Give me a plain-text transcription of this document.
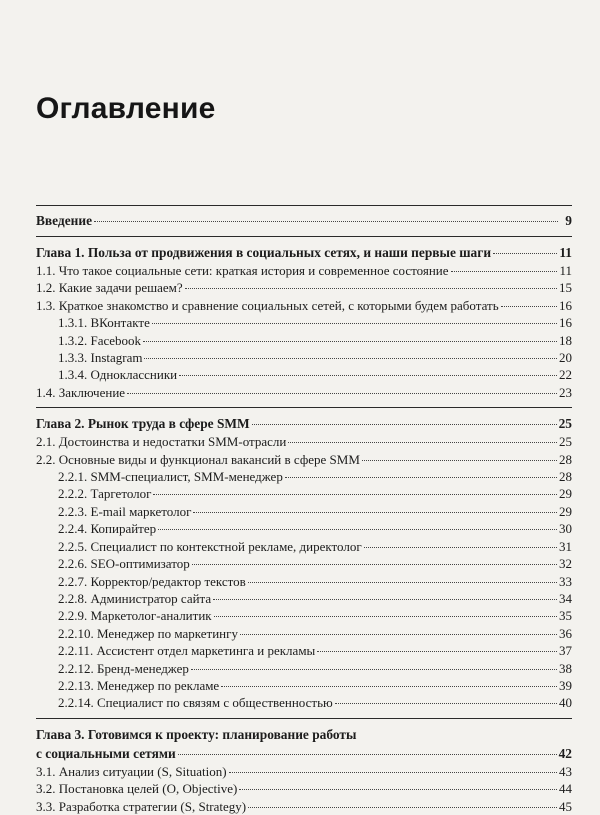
Оглавление
Введение	9
Глава 1. Польза от продвижения в социальных сетях, и наши первые шаги	11
1.1. Что такое социальные сети: краткая история и современное состояние	11
1.2. Какие задачи решаем?	15
1.3. Краткое знакомство и сравнение социальных сетей, с которыми будем работать	16
1.3.1. ВКонтакте	16
1.3.2. Facebook	18
1.3.3. Instagram	20
1.3.4. Одноклассники	22
1.4. Заключение	23
Глава 2. Рынок труда в сфере SMM	25
2.1. Достоинства и недостатки SMM-отрасли	25
2.2. Основные виды и функционал вакансий в сфере SMM	28
2.2.1. SMM-специалист, SMM-менеджер	28
2.2.2. Таргетолог	29
2.2.3. E-mail маркетолог	29
2.2.4. Копирайтер	30
2.2.5. Специалист по контекстной рекламе, директолог	31
2.2.6. SEO-оптимизатор	32
2.2.7. Корректор/редактор текстов	33
2.2.8. Администратор сайта	34
2.2.9. Маркетолог-аналитик	35
2.2.10. Менеджер по маркетингу	36
2.2.11. Ассистент отдел маркетинга и рекламы	37
2.2.12. Бренд-менеджер	38
2.2.13. Менеджер по рекламе	39
2.2.14. Специалист по связям с общественностью	40
Глава 3. Готовимся к проекту: планирование работы
с социальными сетями	42
3.1. Анализ ситуации (S, Situation)	43
3.2. Постановка целей (O, Objective)	44
3.3. Разработка стратегии (S, Strategy)	45
